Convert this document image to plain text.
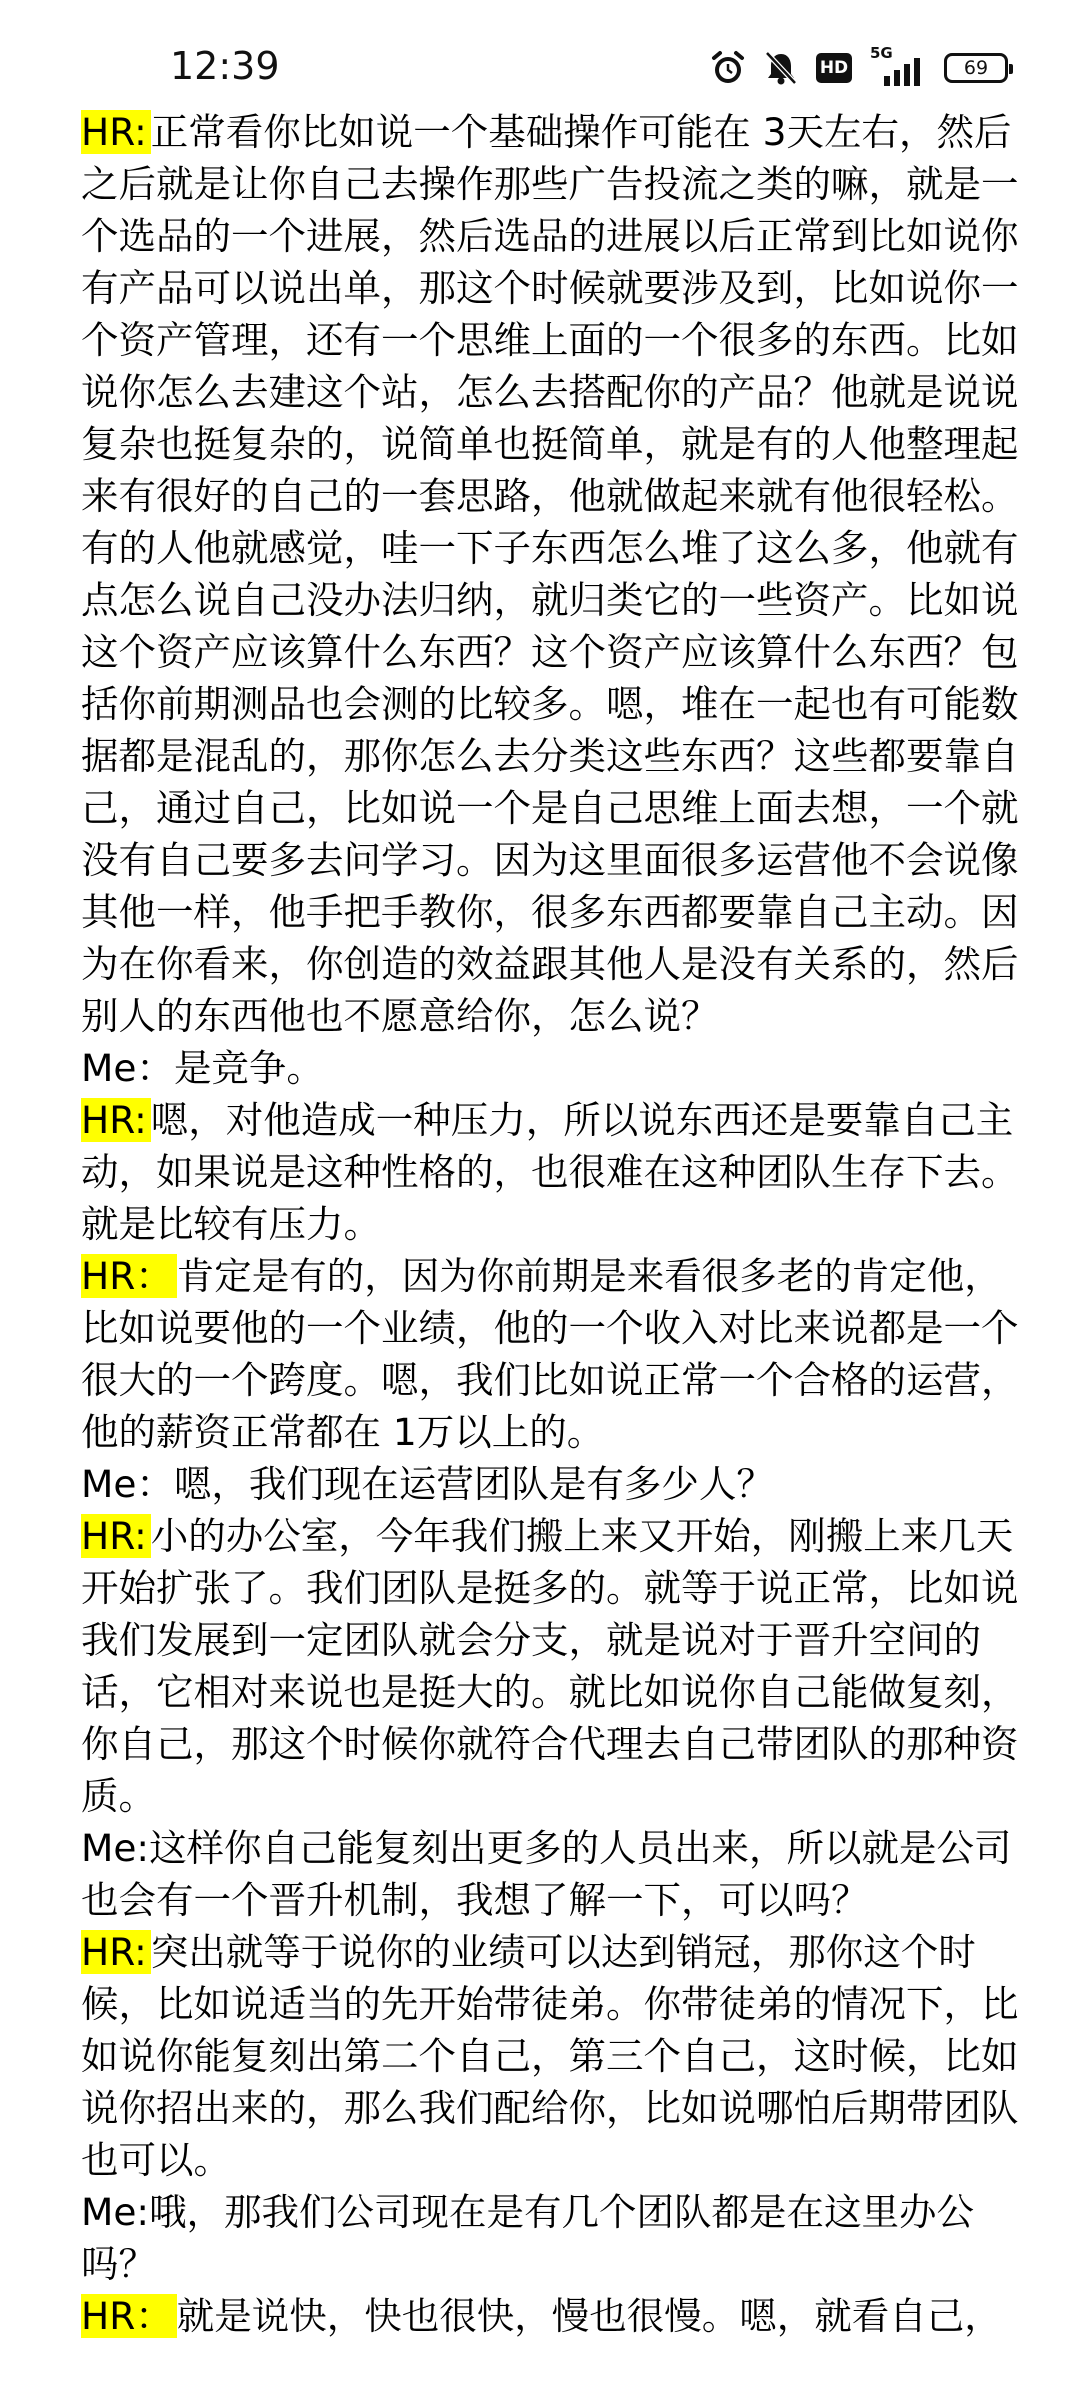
12:39	HD
5G
69

HR: 正常看你比如说一个基础操作可能在 3天左右，然后之后就是让你自己去操作那些广告投流之类的嘛，就是一个选品的一个进展，然后选品的进展以后正常到比如说你有产品可以说出单，那这个时候就要涉及到，比如说你一个资产管理，还有一个思维上面的一个很多的东西。比如说你怎么去建这个站，怎么去搭配你的产品？他就是说说复杂也挺复杂的，说简单也挺简单，就是有的人他整理起来有很好的自己的一套思路，他就做起来就有他很轻松。有的人他就感觉，哇一下子东西怎么堆了这么多，他就有点怎么说自己没办法归纳，就归类它的一些资产。比如说这个资产应该算什么东西？这个资产应该算什么东西？包括你前期测品也会测的比较多。嗯，堆在一起也有可能数据都是混乱的，那你怎么去分类这些东西？这些都要靠自己，通过自己，比如说一个是自己思维上面去想，一个就没有自己要多去问学习。因为这里面很多运营他不会说像其他一样，他手把手教你，很多东西都要靠自己主动。因为在你看来，你创造的效益跟其他人是没有关系的，然后别人的东西他也不愿意给你，怎么说？

Me：是竞争。

HR: 嗯，对他造成一种压力，所以说东西还是要靠自己主动，如果说是这种性格的，也很难在这种团队生存下去。就是比较有压力。

HR： 肯定是有的，因为你前期是来看很多老的肯定他，比如说要他的一个业绩，他的一个收入对比来说都是一个很大的一个跨度。嗯，我们比如说正常一个合格的运营，他的薪资正常都在 1万以上的。

Me：嗯，我们现在运营团队是有多少人？

HR: 小的办公室，今年我们搬上来又开始，刚搬上来几天开始扩张了。我们团队是挺多的。就等于说正常，比如说我们发展到一定团队就会分支，就是说对于晋升空间的话，它相对来说也是挺大的。就比如说你自己能做复刻，你自己，那这个时候你就符合代理去自己带团队的那种资质。

Me:这样你自己能复刻出更多的人员出来，所以就是公司也会有一个晋升机制，我想了解一下，可以吗？

HR: 突出就等于说你的业绩可以达到销冠，那你这个时候，比如说适当的先开始带徒弟。你带徒弟的情况下，比如说你能复刻出第二个自己，第三个自己，这时候，比如说你招出来的，那么我们配给你，比如说哪怕后期带团队也可以。

Me:哦，那我们公司现在是有几个团队都是在这里办公吗？

HR： 就是说快，快也很快，慢也很慢。嗯，就看自己，
